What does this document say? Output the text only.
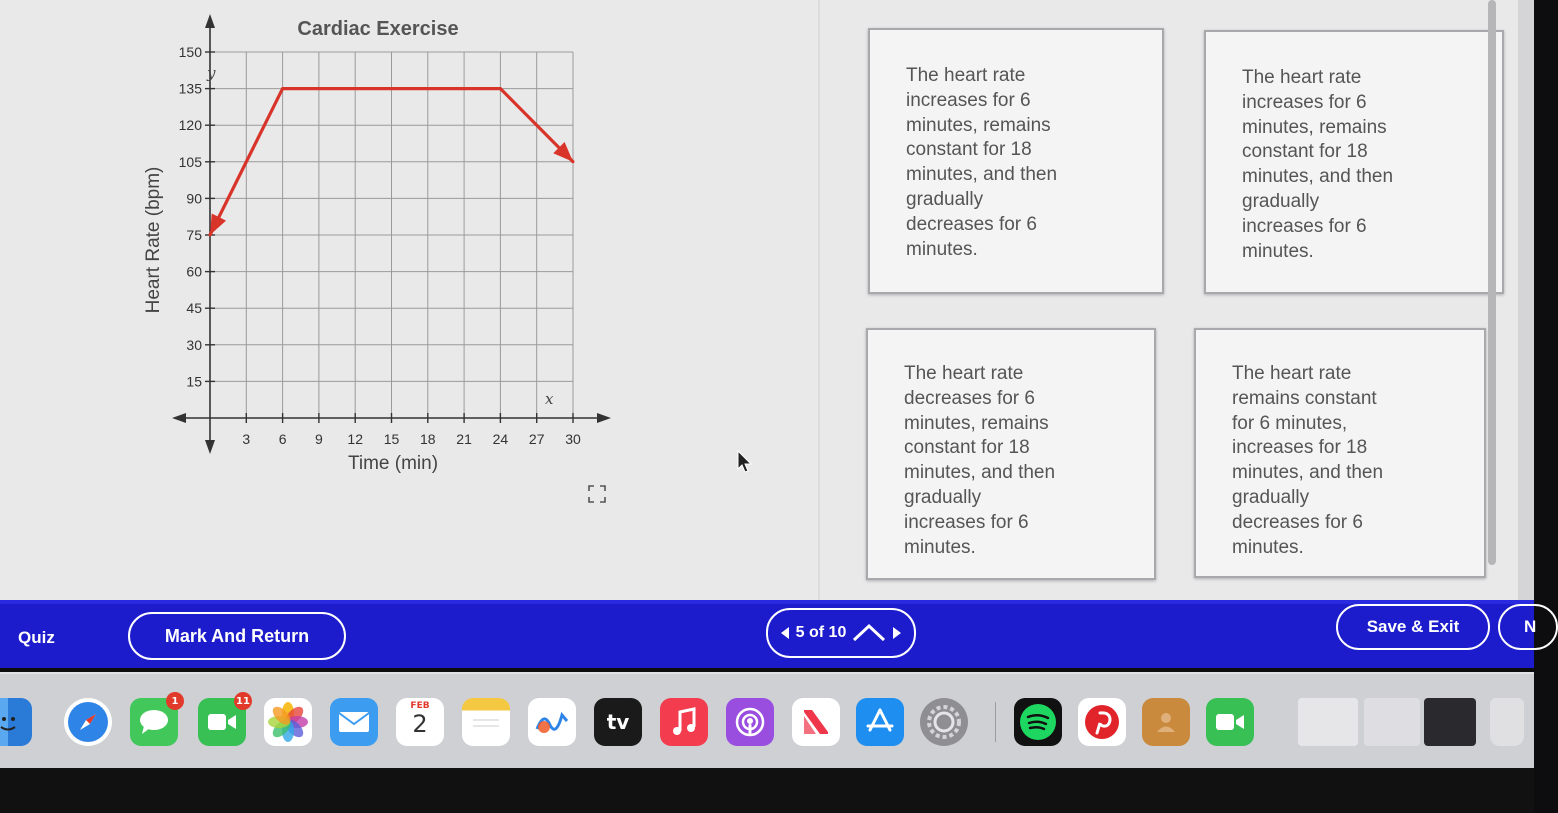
150
135
120
105
90
75
60
45
30
15
3 6 9 12 15 18 21 24 27 30
Cardiac Exercise
Heart Rate (bpm)
Time (min)
y
x
The heart rate
increases for 6
minutes, remains
constant for 18
minutes, and then
gradually
decreases for 6
minutes.
The heart rate
increases for 6
minutes, remains
constant for 18
minutes, and then
gradually
increases for 6
minutes.
The heart rate
decreases for 6
minutes, remains
constant for 18
minutes, and then
gradually
increases for 6
minutes.
The heart rate
remains constant
for 6 minutes,
increases for 18
minutes, and then
gradually
decreases for 6
minutes.
Quiz	Mark And Return	5 of 10	Save & Exit	N
1	11	FEB
2	tv
